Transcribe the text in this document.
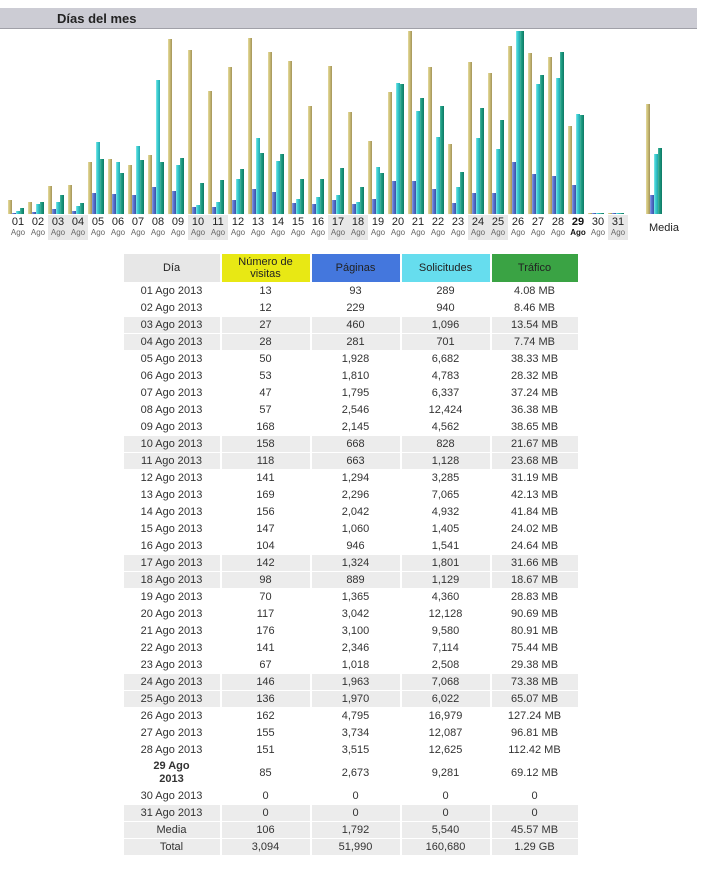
Días del mes
01
Ago
02
Ago
03
Ago
04
Ago
05
Ago
06
Ago
07
Ago
08
Ago
09
Ago
10
Ago
11
Ago
12
Ago
13
Ago
14
Ago
15
Ago
16
Ago
17
Ago
18
Ago
19
Ago
20
Ago
21
Ago
22
Ago
23
Ago
24
Ago
25
Ago
26
Ago
27
Ago
28
Ago
29
Ago
30
Ago
31
Ago	Media
Día	Número de visitas	Páginas	Solicitudes	Tráfico
01 Ago 2013	13	93	289	4.08 MB
02 Ago 2013	12	229	940	8.46 MB
03 Ago 2013	27	460	1,096	13.54 MB
04 Ago 2013	28	281	701	7.74 MB
05 Ago 2013	50	1,928	6,682	38.33 MB
06 Ago 2013	53	1,810	4,783	28.32 MB
07 Ago 2013	47	1,795	6,337	37.24 MB
08 Ago 2013	57	2,546	12,424	36.38 MB
09 Ago 2013	168	2,145	4,562	38.65 MB
10 Ago 2013	158	668	828	21.67 MB
11 Ago 2013	118	663	1,128	23.68 MB
12 Ago 2013	141	1,294	3,285	31.19 MB
13 Ago 2013	169	2,296	7,065	42.13 MB
14 Ago 2013	156	2,042	4,932	41.84 MB
15 Ago 2013	147	1,060	1,405	24.02 MB
16 Ago 2013	104	946	1,541	24.64 MB
17 Ago 2013	142	1,324	1,801	31.66 MB
18 Ago 2013	98	889	1,129	18.67 MB
19 Ago 2013	70	1,365	4,360	28.83 MB
20 Ago 2013	117	3,042	12,128	90.69 MB
21 Ago 2013	176	3,100	9,580	80.91 MB
22 Ago 2013	141	2,346	7,114	75.44 MB
23 Ago 2013	67	1,018	2,508	29.38 MB
24 Ago 2013	146	1,963	7,068	73.38 MB
25 Ago 2013	136	1,970	6,022	65.07 MB
26 Ago 2013	162	4,795	16,979	127.24 MB
27 Ago 2013	155	3,734	12,087	96.81 MB
28 Ago 2013	151	3,515	12,625	112.42 MB
29 Ago 2013	85	2,673	9,281	69.12 MB
30 Ago 2013	0	0	0	0
31 Ago 2013	0	0	0	0
Media	106	1,792	5,540	45.57 MB
Total	3,094	51,990	160,680	1.29 GB
